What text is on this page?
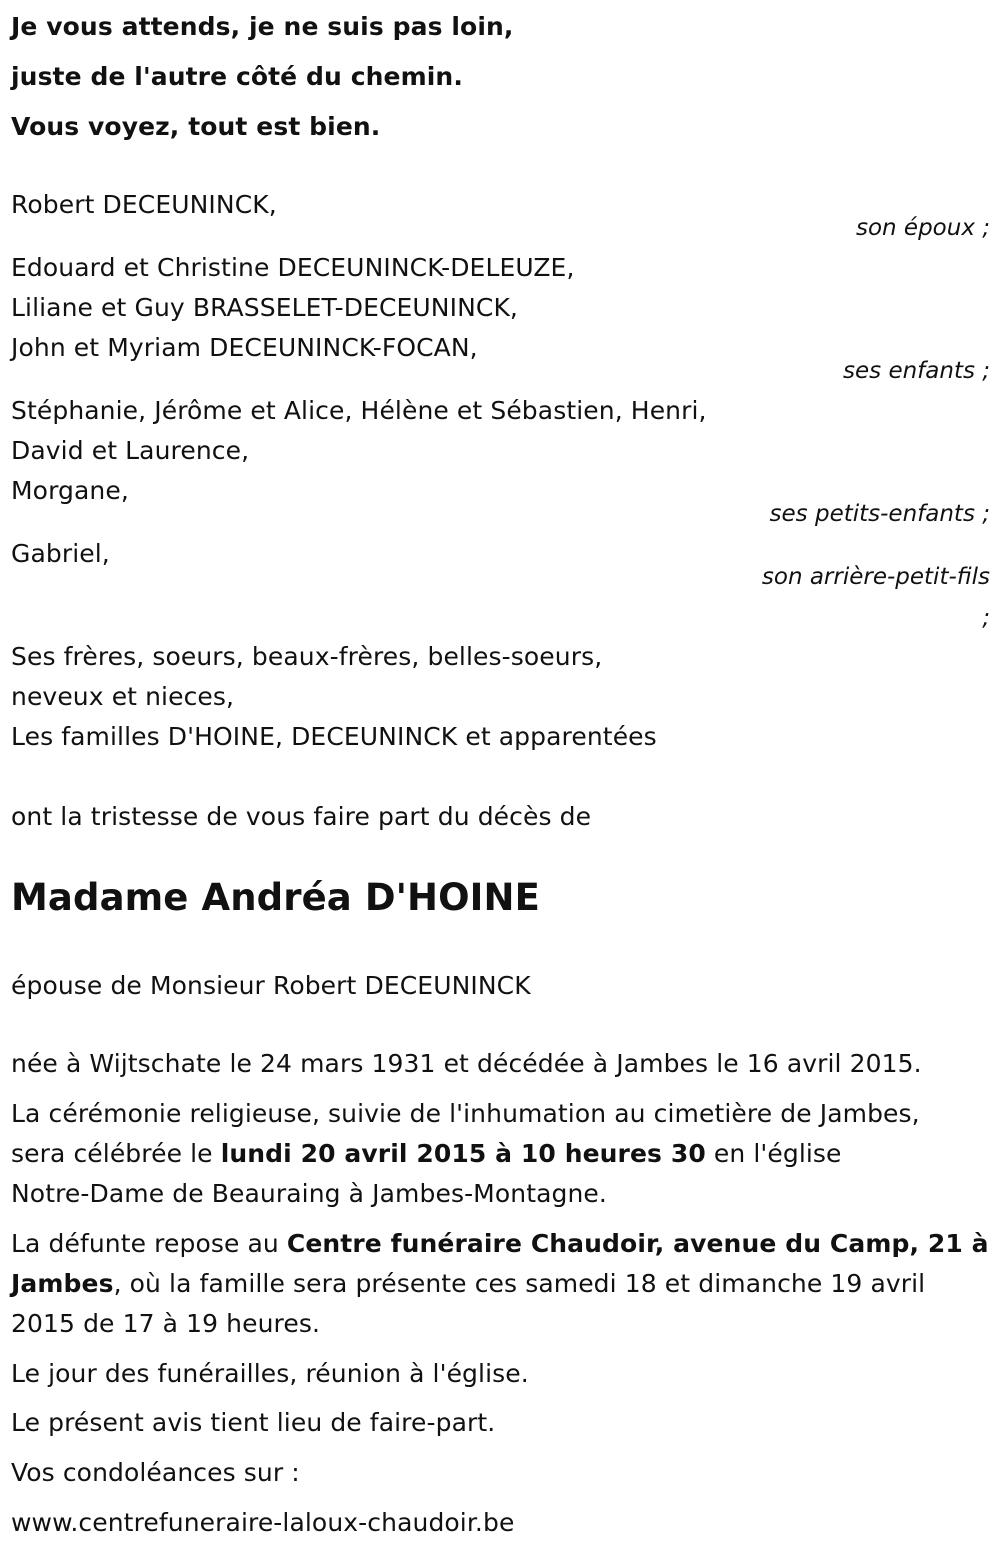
Je vous attends, je ne suis pas loin,
juste de l'autre côté du chemin.
Vous voyez, tout est bien.
Robert DECEUNINCK,
son époux ;
Edouard et Christine DECEUNINCK-DELEUZE,
Liliane et Guy BRASSELET-DECEUNINCK,
John et Myriam DECEUNINCK-FOCAN,
ses enfants ;
Stéphanie, Jérôme et Alice, Hélène et Sébastien, Henri,
David et Laurence,
Morgane,
ses petits-enfants ;
Gabriel,
son arrière-petit-fils
;
Ses frères, soeurs, beaux-frères, belles-soeurs,
neveux et nieces,
Les familles D'HOINE, DECEUNINCK et apparentées
ont la tristesse de vous faire part du décès de
Madame Andréa D'HOINE
épouse de Monsieur Robert DECEUNINCK
née à Wijtschate le 24 mars 1931 et décédée à Jambes le 16 avril 2015.
La cérémonie religieuse, suivie de l'inhumation au cimetière de Jambes,
sera célébrée le lundi 20 avril 2015 à 10 heures 30 en l'église
Notre-Dame de Beauraing à Jambes-Montagne.
La défunte repose au Centre funéraire Chaudoir, avenue du Camp, 21 à
Jambes, où la famille sera présente ces samedi 18 et dimanche 19 avril
2015 de 17 à 19 heures.
Le jour des funérailles, réunion à l'église.
Le présent avis tient lieu de faire-part.
Vos condoléances sur :
www.centrefuneraire-laloux-chaudoir.be
